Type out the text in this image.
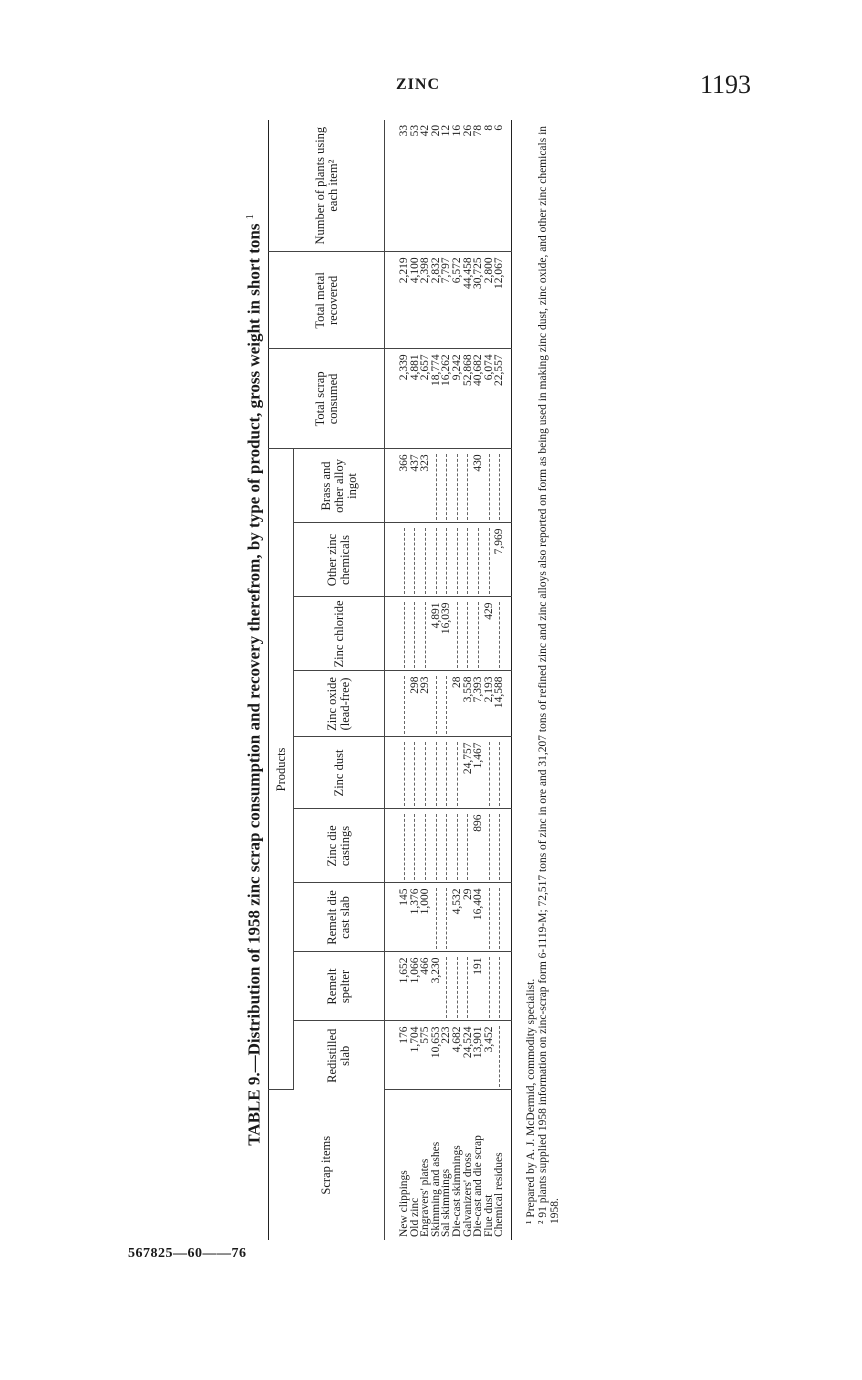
ZINC	1193
567825—60——76
TABLE 9.—Distribution of 1958 zinc scrap consumption and recovery therefrom, by type of product, gross weight in short tons $^1$
Scrap items	Products									Total scrap consumed	Total metal recovered	Number of plants using each item²
	Redistilled slab	Remelt spelter	Remelt die cast slab	Zinc die castings	Zinc dust	Zinc oxide (lead-free)	Zinc chloride	Other zinc chemicals	Brass and other alloy ingot			
New clippings	176	1,652	145						366	2,339	2,219	33
Old zinc	1,704	1,066	1,376			298			437	4,881	4,100	53
Engravers' plates	575	466	1,000			293			323	2,657	2,398	42
Skimming and ashes	10,653	3,230					4,891			18,774	2,832	20
Sal skimmings	223						16,039			16,262	7,797	12
Die-cast skimmings	4,682		4,532			28				9,242	6,572	16
Galvanizers' dross	24,524		29		24,757	3,558				52,868	44,458	26
Die-cast and die scrap	13,901	191	16,404	896	1,467	7,393			430	40,682	30,725	78
Flue dust	3,452					2,193	429			6,074	2,800	8
Chemical residues						14,588		7,969		22,557	12,067	6

¹ Prepared by A. J. McDermid, commodity specialist. ² 91 plants supplied 1958 information on zinc-scrap form 6-1119-M; 72,517 tons of zinc in ore and 31,207 tons of refined zinc and zinc alloys also reported on form as being used in making zinc dust, zinc oxide, and other zinc chemicals in 1958.
